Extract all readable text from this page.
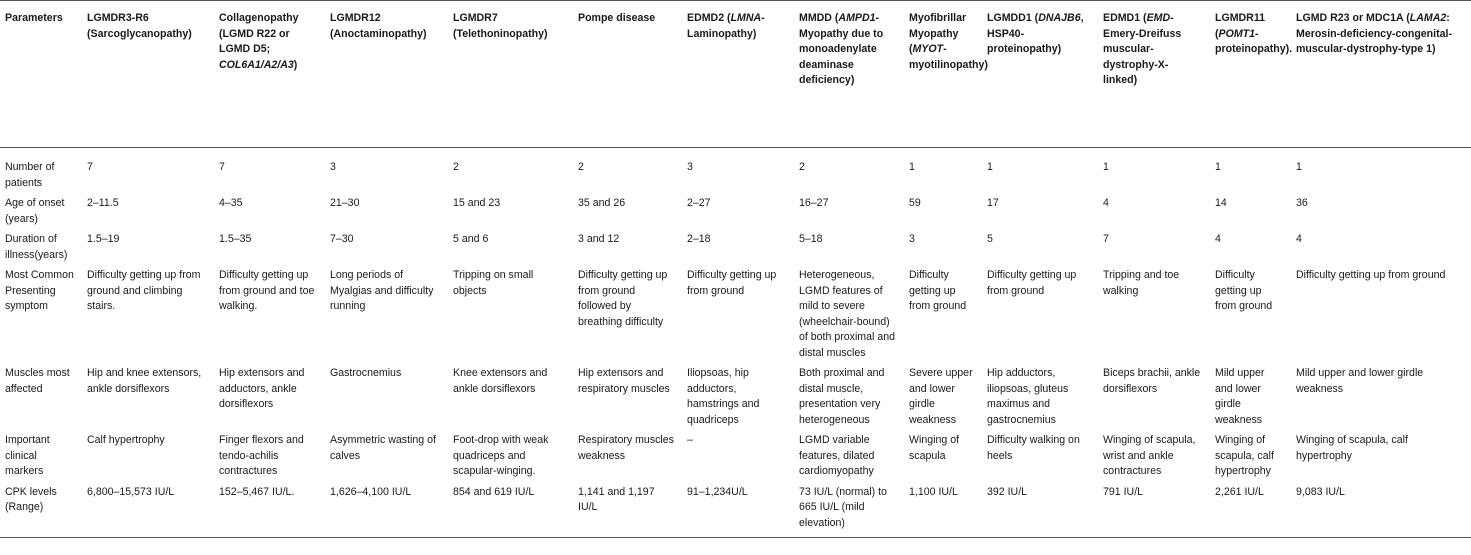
Parameters	LGMDR3-R6 (Sarcoglycanopathy)	Collagenopathy (LGMD R22 or LGMD D5; COL6A1/A2/A3)	LGMDR12 (Anoctaminopathy)	LGMDR7 (Telethoninopathy)	Pompe disease	EDMD2 (LMNA-Laminopathy)	MMDD (AMPD1-Myopathy due to monoadenylate deaminase deficiency)	Myofibrillar Myopathy (MYOT-myotilinopathy)	LGMDD1 (DNAJB6, HSP40-proteinopathy)	EDMD1 (EMD-Emery-Dreifuss muscular-dystrophy-X-linked)	LGMDR11 (POMT1-proteinopathy).	LGMD R23 or MDC1A (LAMA2: Merosin-deficiency-congenital-muscular-dystrophy-type 1)
Number of patients	7	7	3	2	2	3	2	1	1	1	1	1
Age of onset (years)	2–11.5	4–35	21–30	15 and 23	35 and 26	2–27	16–27	59	17	4	14	36
Duration of illness(years)	1.5–19	1.5–35	7–30	5 and 6	3 and 12	2–18	5–18	3	5	7	4	4
Most Common Presenting symptom	Difficulty getting up from ground and climbing stairs.	Difficulty getting up from ground and toe walking.	Long periods of Myalgias and difficulty running	Tripping on small objects	Difficulty getting up from ground followed by breathing difficulty	Difficulty getting up from ground	Heterogeneous, LGMD features of mild to severe (wheelchair-bound) of both proximal and distal muscles	Difficulty getting up from ground	Difficulty getting up from ground	Tripping and toe walking	Difficulty getting up from ground	Difficulty getting up from ground
Muscles most affected	Hip and knee extensors, ankle dorsiflexors	Hip extensors and adductors, ankle dorsiflexors	Gastrocnemius	Knee extensors and ankle dorsiflexors	Hip extensors and respiratory muscles	Iliopsoas, hip adductors, hamstrings and quadriceps	Both proximal and distal muscle, presentation very heterogeneous	Severe upper and lower girdle weakness	Hip adductors, iliopsoas, gluteus maximus and gastrocnemius	Biceps brachii, ankle dorsiflexors	Mild upper and lower girdle weakness	Mild upper and lower girdle weakness
Important clinical markers	Calf hypertrophy	Finger flexors and tendo-achilis contractures	Asymmetric wasting of calves	Foot-drop with weak quadriceps and scapular-winging.	Respiratory muscles weakness	–	LGMD variable features, dilated cardiomyopathy	Winging of scapula	Difficulty walking on heels	Winging of scapula, wrist and ankle contractures	Winging of scapula, calf hypertrophy	Winging of scapula, calf hypertrophy
CPK levels (Range)	6,800–15,573 IU/L	152–5,467 IU/L.	1,626–4,100 IU/L	854 and 619 IU/L	1,141 and 1,197 IU/L	91–1,234U/L	73 IU/L (normal) to 665 IU/L (mild elevation)	1,100 IU/L	392 IU/L	791 IU/L	2,261 IU/L	9,083 IU/L
